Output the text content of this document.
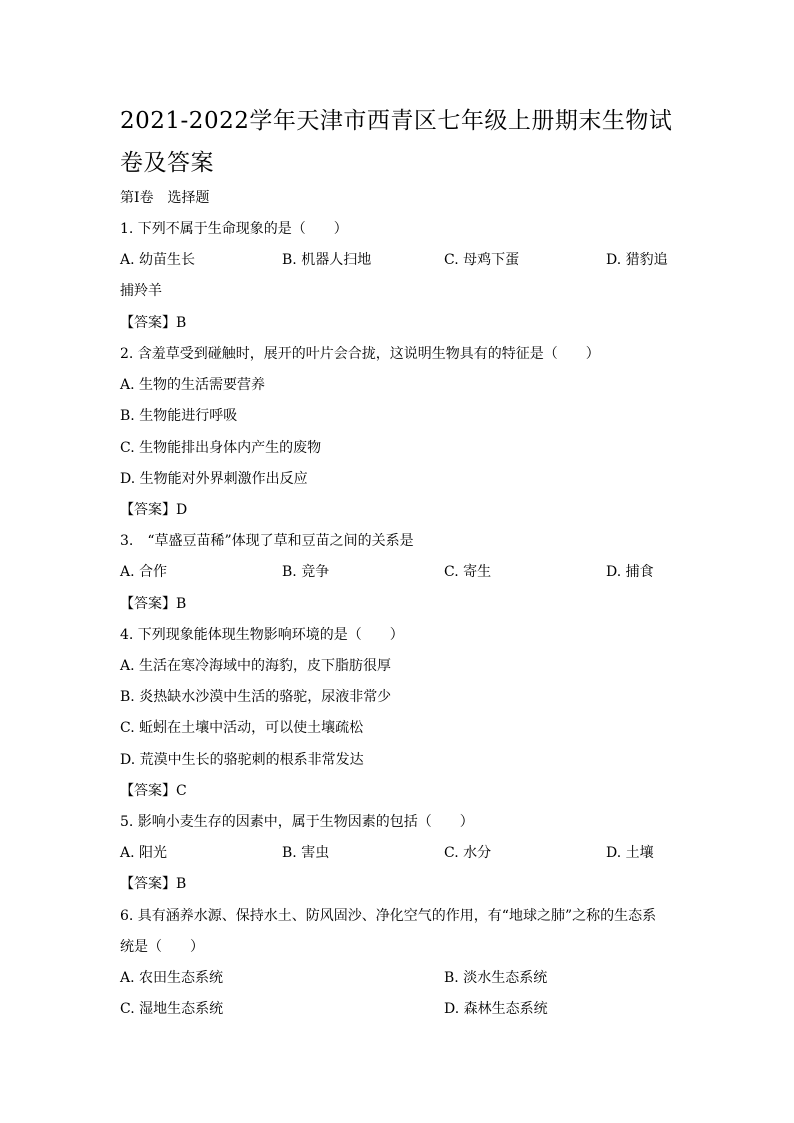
2021-2022学年天津市西青区七年级上册期末生物试卷及答案
第Ⅰ卷　选择题
1. 下列不属于生命现象的是（　　）
A. 幼苗生长	B. 机器人扫地	C. 母鸡下蛋	D. 猎豹追
捕羚羊
【答案】B
2. 含羞草受到碰触时，展开的叶片会合拢，这说明生物具有的特征是（　　）
A. 生物的生活需要营养
B. 生物能进行呼吸
C. 生物能排出身体内产生的废物
D. 生物能对外界刺激作出反应
【答案】D
3.　“草盛豆苗稀”体现了草和豆苗之间的关系是
A. 合作	B. 竞争	C. 寄生	D. 捕食
【答案】B
4. 下列现象能体现生物影响环境的是（　　）
A. 生活在寒冷海域中的海豹，皮下脂肪很厚
B. 炎热缺水沙漠中生活的骆驼，尿液非常少
C. 蚯蚓在土壤中活动，可以使土壤疏松
D. 荒漠中生长的骆驼刺的根系非常发达
【答案】C
5. 影响小麦生存的因素中，属于生物因素的包括（　　）
A. 阳光	B. 害虫	C. 水分	D. 土壤
【答案】B
6. 具有涵养水源、保持水土、防风固沙、净化空气的作用，有“地球之肺”之称的生态系
统是（　　）
A. 农田生态系统	B. 淡水生态系统
C. 湿地生态系统	D. 森林生态系统
